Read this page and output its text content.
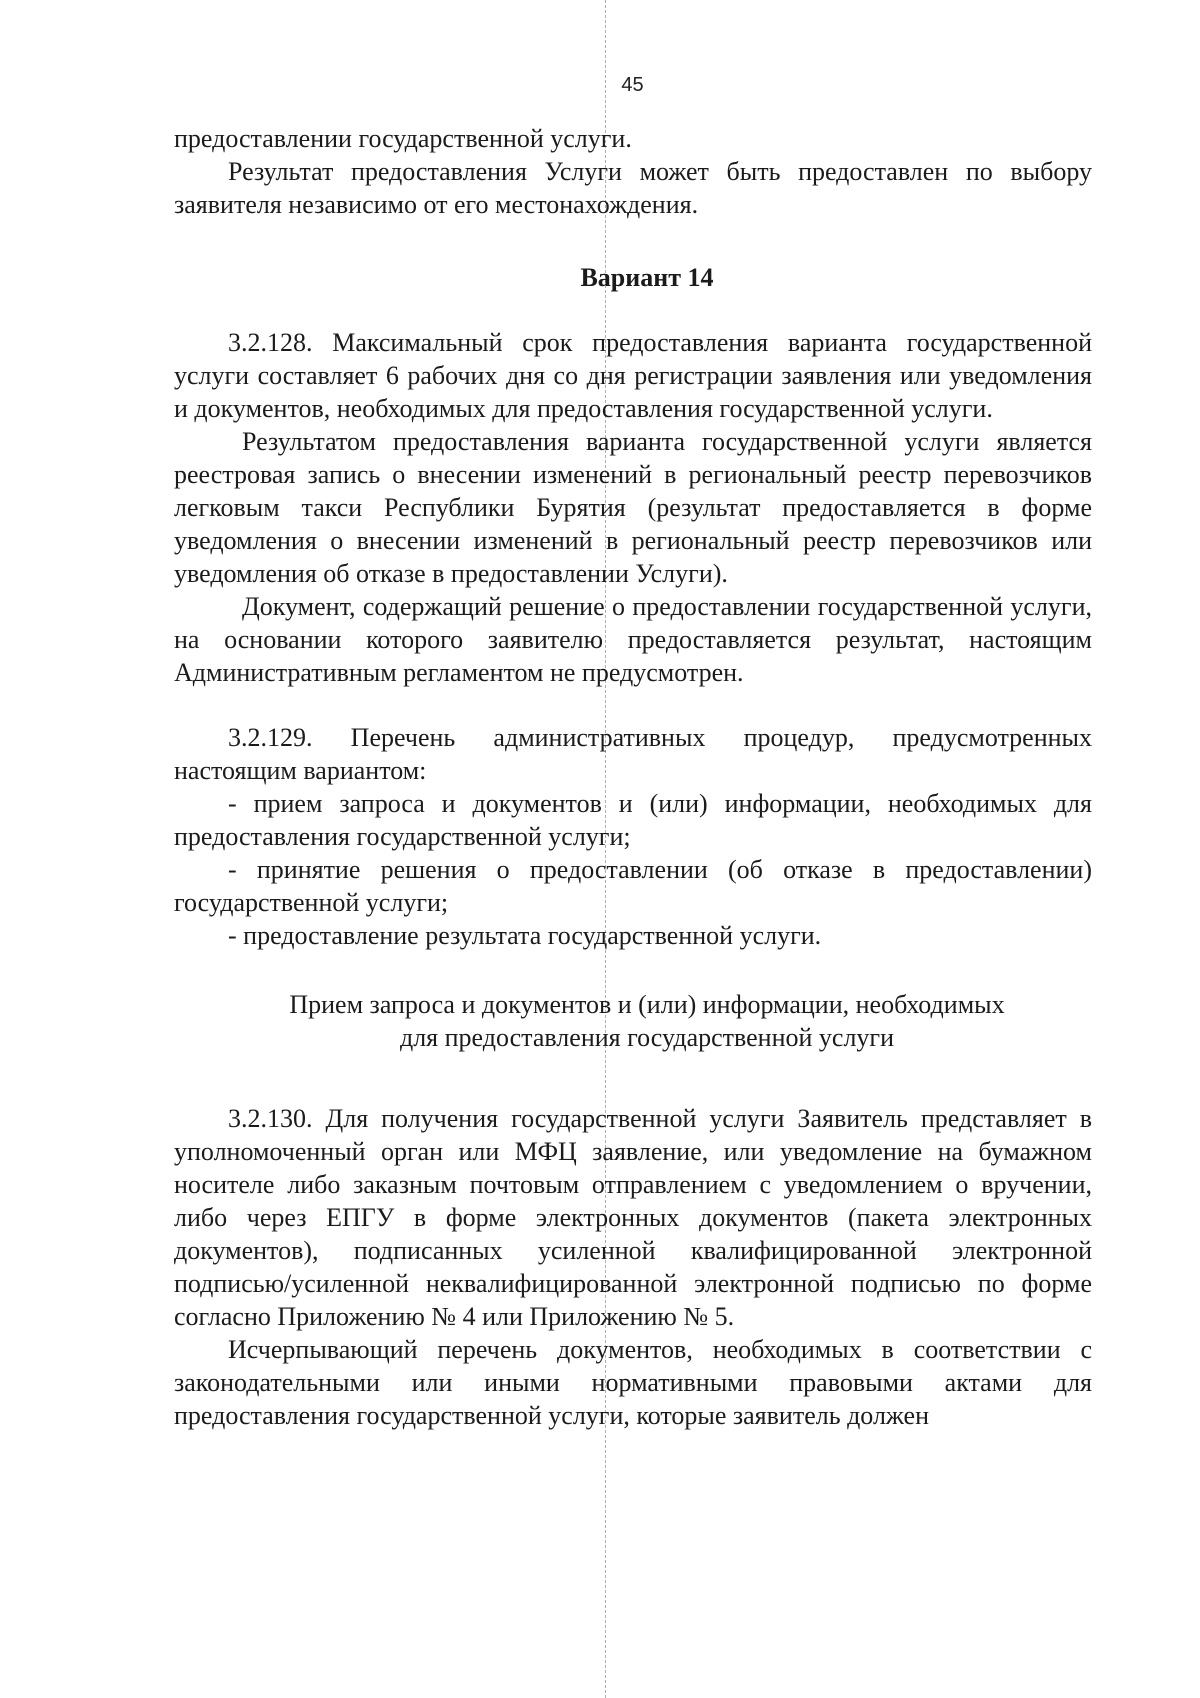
45

предоставлении государственной услуги.

Результат предоставления Услуги может быть предоставлен по выбору заявителя независимо от его местонахождения.

Вариант 14

3.2.128. Максимальный срок предоставления варианта государственной услуги составляет 6 рабочих дня со дня регистрации заявления или уведомления и документов, необходимых для предоставления государственной услуги.

Результатом предоставления варианта государственной услуги является реестровая запись о внесении изменений в региональный реестр перевозчиков легковым такси Республики Бурятия (результат предоставляется в форме уведомления о внесении изменений в региональный реестр перевозчиков или уведомления об отказе в предоставлении Услуги).

Документ, содержащий решение о предоставлении государственной услуги, на основании которого заявителю предоставляется результат, настоящим Административным регламентом не предусмотрен.

3.2.129. Перечень административных процедур, предусмотренных настоящим вариантом:

- прием запроса и документов и (или) информации, необходимых для предоставления государственной услуги;

- принятие решения о предоставлении (об отказе в предоставлении) государственной услуги;

- предоставление результата государственной услуги.

Прием запроса и документов и (или) информации, необходимых
для предоставления государственной услуги

3.2.130. Для получения государственной услуги Заявитель представляет в уполномоченный орган или МФЦ заявление, или уведомление на бумажном носителе либо заказным почтовым отправлением с уведомлением о вручении, либо через ЕПГУ в форме электронных документов (пакета электронных документов), подписанных усиленной квалифицированной электронной подписью/усиленной неквалифицированной электронной подписью по форме согласно Приложению № 4 или Приложению № 5.

Исчерпывающий перечень документов, необходимых в соответствии с законодательными или иными нормативными правовыми актами для предоставления государственной услуги, которые заявитель должен
